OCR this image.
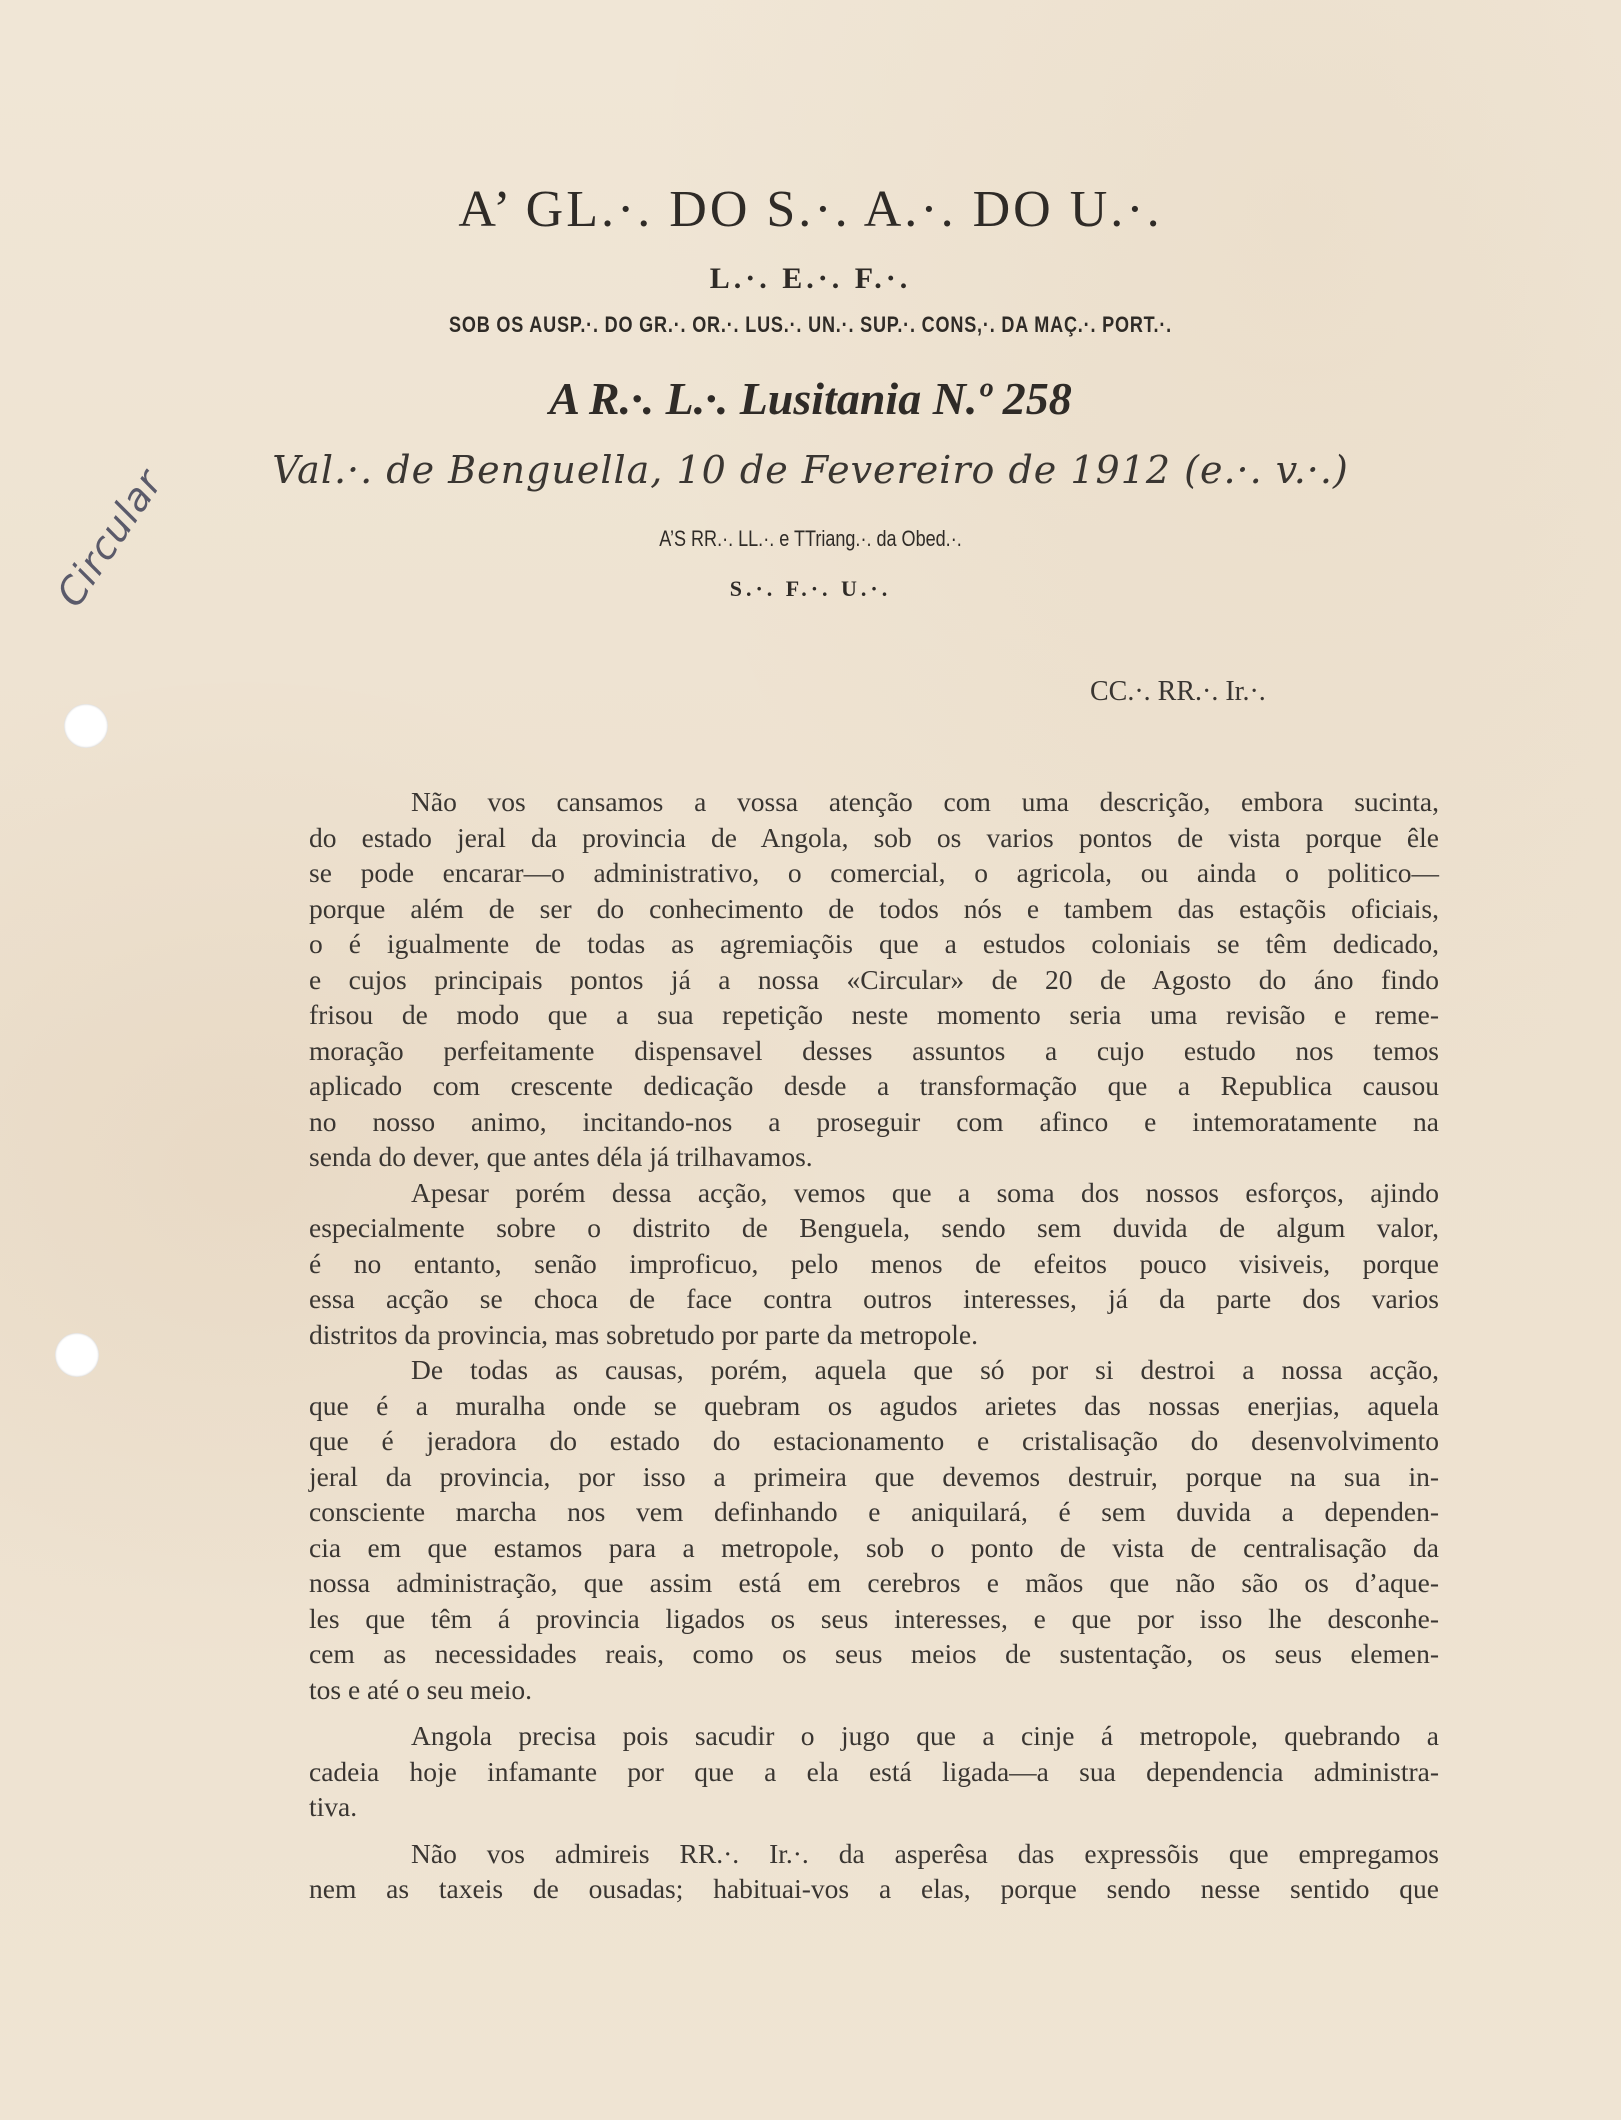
A’ GL.·. DO S.·. A.·. DO U.·.
L.·. E.·. F.·.
SOB OS AUSP.·. DO GR.·. OR.·. LUS.·. UN.·. SUP.·. CONS,·. DA MAÇ.·. PORT.·.
A R.·. L.·. Lusitania N.º 258
Val.·. de Benguella, 10 de Fevereiro de 1912 (e.·. v.·.)
A’S RR.·. LL.·. e TTriang.·. da Obed.·.
S.·. F.·. U.·.
CC.·. RR.·. Ir.·.
Circular
Não vos cansamos a vossa atenção com uma descrição, embora sucinta,
do estado jeral da provincia de Angola, sob os varios pontos de vista porque êle
se pode encarar—o administrativo, o comercial, o agricola, ou ainda o politico—
porque além de ser do conhecimento de todos nós e tambem das estaçõis oficiais,
o é igualmente de todas as agremiaçõis que a estudos coloniais se têm dedicado,
e cujos principais pontos já a nossa «Circular» de 20 de Agosto do áno findo
frisou de modo que a sua repetição neste momento seria uma revisão e reme-
moração perfeitamente dispensavel desses assuntos a cujo estudo nos temos
aplicado com crescente dedicação desde a transformação que a Republica causou
no nosso animo, incitando-nos a proseguir com afinco e intemoratamente na
senda do dever, que antes déla já trilhavamos.
Apesar porém dessa acção, vemos que a soma dos nossos esforços, ajindo
especialmente sobre o distrito de Benguela, sendo sem duvida de algum valor,
é no entanto, senão improficuo, pelo menos de efeitos pouco visiveis, porque
essa acção se choca de face contra outros interesses, já da parte dos varios
distritos da provincia, mas sobretudo por parte da metropole.
De todas as causas, porém, aquela que só por si destroi a nossa acção,
que é a muralha onde se quebram os agudos arietes das nossas enerjias, aquela
que é jeradora do estado do estacionamento e cristalisação do desenvolvimento
jeral da provincia, por isso a primeira que devemos destruir, porque na sua in-
consciente marcha nos vem definhando e aniquilará, é sem duvida a dependen-
cia em que estamos para a metropole, sob o ponto de vista de centralisação da
nossa administração, que assim está em cerebros e mãos que não são os d’aque-
les que têm á provincia ligados os seus interesses, e que por isso lhe desconhe-
cem as necessidades reais, como os seus meios de sustentação, os seus elemen-
tos e até o seu meio.
Angola precisa pois sacudir o jugo que a cinje á metropole, quebrando a
cadeia hoje infamante por que a ela está ligada—a sua dependencia administra-
tiva.
Não vos admireis RR.·. Ir.·. da asperêsa das expressõis que empregamos
nem as taxeis de ousadas; habituai-vos a elas, porque sendo nesse sentido que
